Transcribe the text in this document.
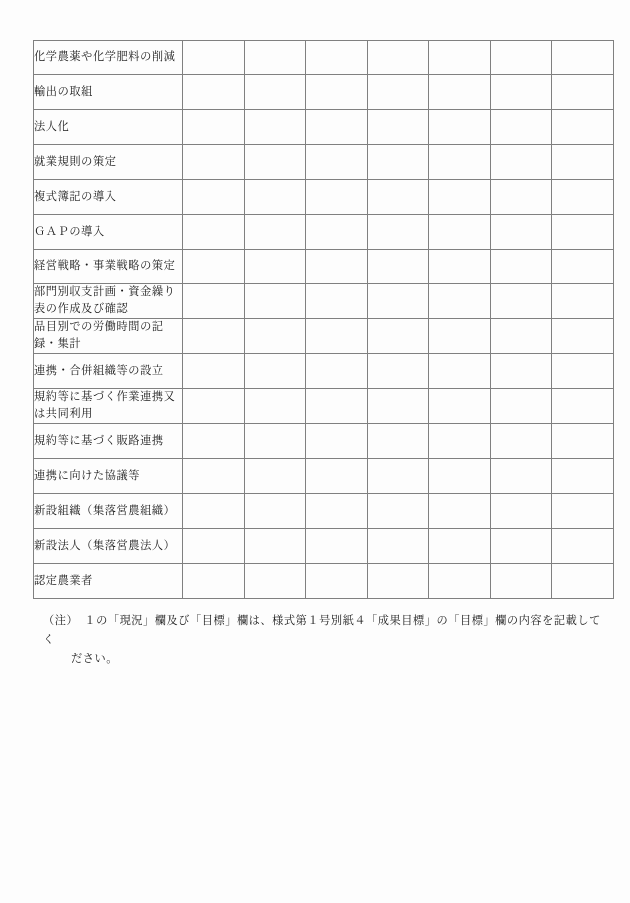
化学農薬や化学肥料の削減							

輸出の取組							

法人化							

就業規則の策定							

複式簿記の導入							

ＧＡＰの導入							

経営戦略・事業戦略の策定							

部門別収支計画・資金繰り表の作成及び確認							

品目別での労働時間の記録・集計							

連携・合併組織等の設立							

規約等に基づく作業連携又は共同利用							

規約等に基づく販路連携							

連携に向けた協議等							

新設組織（集落営農組織）							

新設法人（集落営農法人）							

認定農業者							

（注）　１の「現況」欄及び「目標」欄は、様式第１号別紙４「成果目標」の「目標」欄の内容を記載してく
ださい。
